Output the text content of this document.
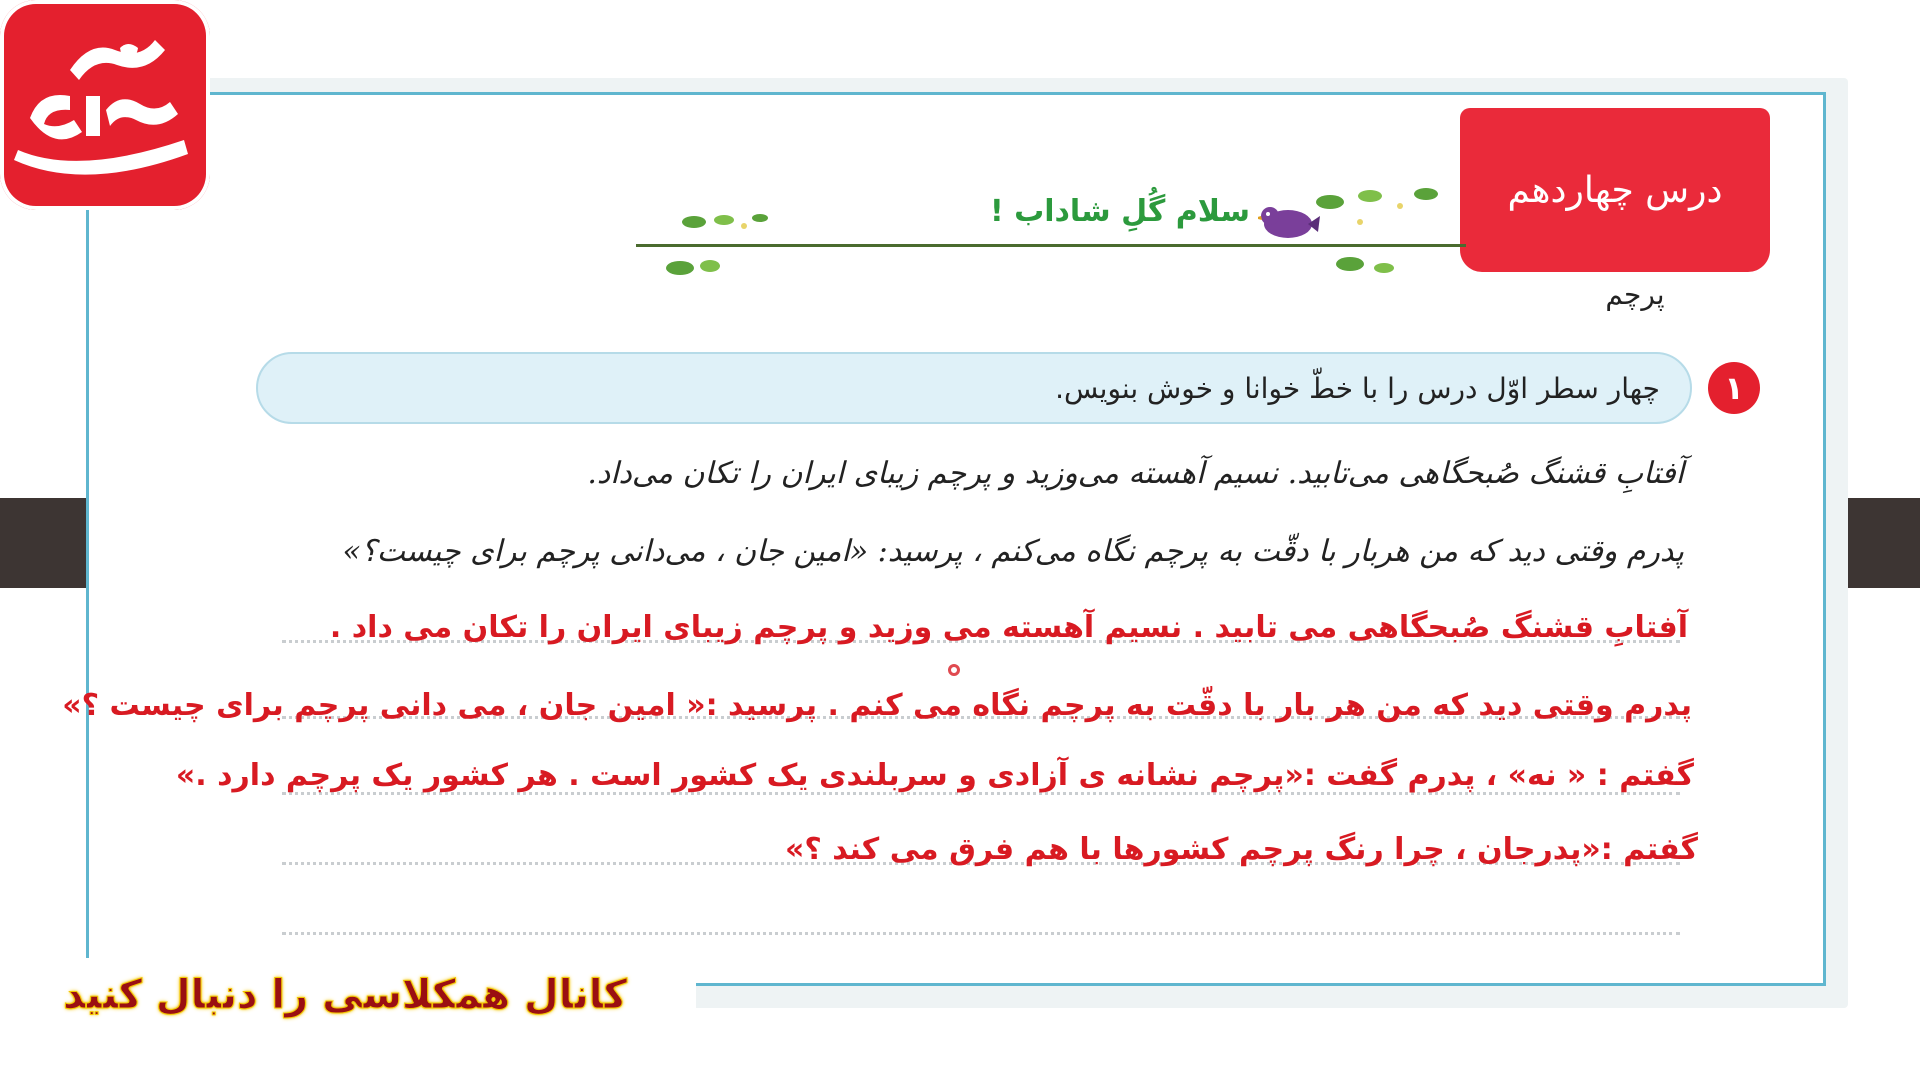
درس چهاردهم
پرچم
سلام گُلِ شاداب !
چهار سطر اوّل درس را با خطّ خوانا و خوش بنویس.	۱
آفتابِ قشنگ صُبحگاهی می‌تابید. نسیم آهسته می‌وزید و پرچم زیبای ایران را تکان می‌داد.
پدرم وقتی دید که من هربار با دقّت به پرچم نگاه می‌کنم ، پرسید: «امین جان ، می‌دانی پرچم برای چیست؟»
آفتابِ قشنگ صُبحگاهی می تابید . نسیم آهسته می وزید و پرچم زیبای ایران را تکان می داد .
پدرم وقتی دید که من هر بار با دقّت به پرچم نگاه می کنم . پرسید :« امین جان ، می دانی پرچم برای چیست ؟»
گفتم : « نه» ، پدرم گفت :«پرچم نشانه ی آزادی و سربلندی یک کشور است . هر کشور یک پرچم دارد .»
گفتم :«پدرجان ، چرا رنگ پرچم کشورها با هم فرق می کند ؟»
کانال همکلاسی را دنبال کنید
